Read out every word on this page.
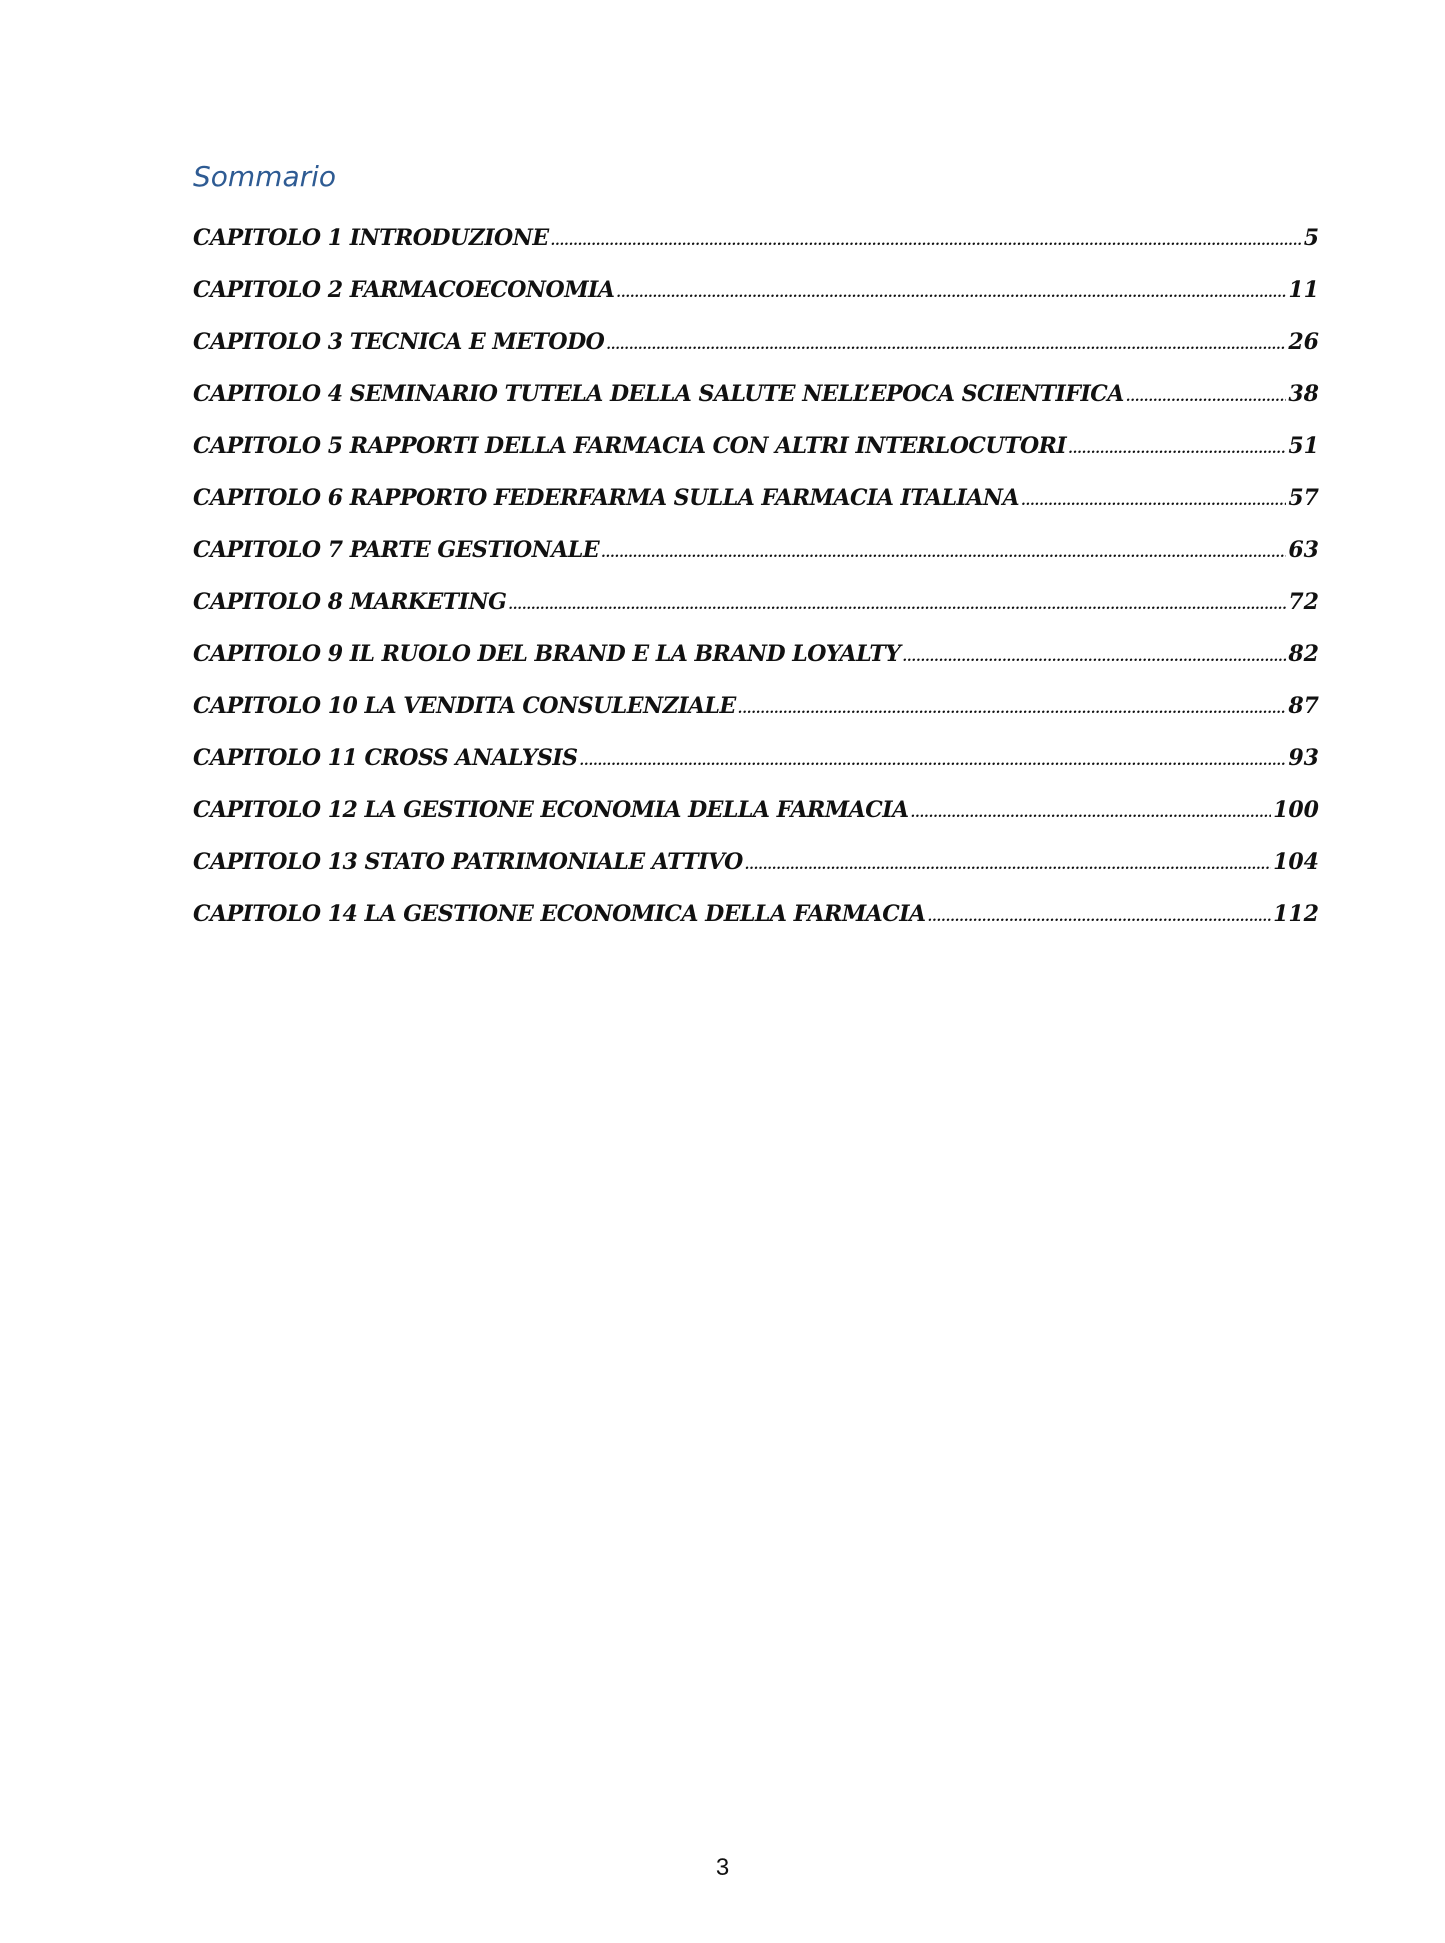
Sommario
CAPITOLO 1 INTRODUZIONE .....	5
CAPITOLO 2 FARMACOECONOMIA .....	11
CAPITOLO 3 TECNICA E METODO .....	26
CAPITOLO 4 SEMINARIO TUTELA DELLA SALUTE NELL’EPOCA SCIENTIFICA .....	38
CAPITOLO 5 RAPPORTI DELLA FARMACIA CON ALTRI INTERLOCUTORI .....	51
CAPITOLO 6 RAPPORTO FEDERFARMA SULLA FARMACIA ITALIANA .....	57
CAPITOLO 7 PARTE GESTIONALE .....	63
CAPITOLO 8 MARKETING .....	72
CAPITOLO 9 IL RUOLO DEL BRAND E LA BRAND LOYALTY .....	82
CAPITOLO 10 LA VENDITA CONSULENZIALE .....	87
CAPITOLO 11 CROSS ANALYSIS .....	93
CAPITOLO 12 LA GESTIONE ECONOMIA DELLA FARMACIA .....	100
CAPITOLO 13 STATO PATRIMONIALE ATTIVO .....	104
CAPITOLO 14 LA GESTIONE ECONOMICA DELLA FARMACIA .....	112
3
